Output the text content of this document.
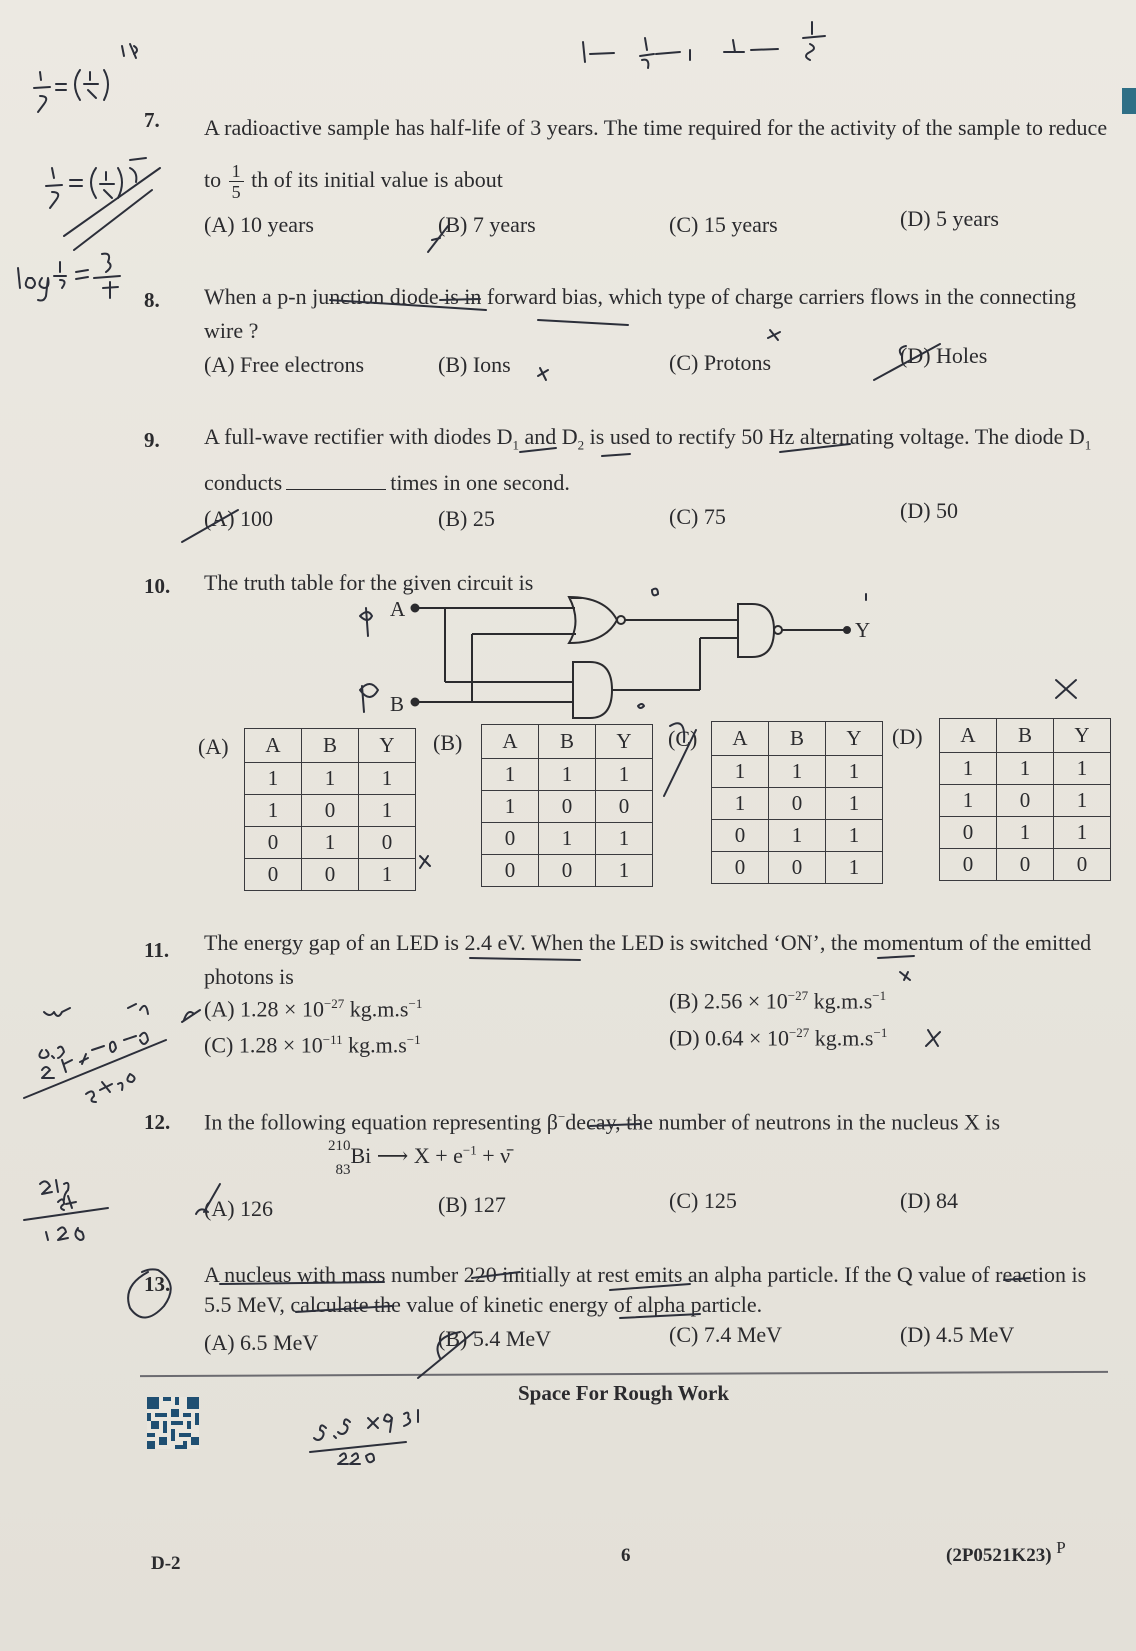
7. A radioactive sample has half-life of 3 years. The time required for the activity of the sample to reduce to $\frac{1}{5}$ th of its initial value is about
(A) 10 years	(B) 7 years	(C) 15 years	(D) 5 years
8. When a p-n junction diode is in forward bias, which type of charge carriers flows in the connecting wire ?
(A) Free electrons	(B) Ions	(C) Protons	(D) Holes
9. A full-wave rectifier with diodes $D_1$ and $D_2$ is used to rectify 50 Hz alternating voltage. The diode $D_1$ conducts	times in one second.
(A) 100	(B) 25	(C) 75	(D) 50
10. The truth table for the given circuit is
A
B
Y
(A) A	B	Y
1	1	1
1	0	1
0	1	0
0	0	1
(B) A	B	Y
1	1	1
1	0	0
0	1	1
0	0	1
(C) A	B	Y
1	1	1
1	0	1
0	1	1
0	0	1
(D) A	B	Y
1	1	1
1	0	1
0	1	1
0	0	0
11. The energy gap of an LED is 2.4 eV. When the LED is switched ‘ON’, the momentum of the emitted photons is
(A) $1.28 \times 10^{-27}$ $kg.m.s^{-1}$	(B) $2.56 \times 10^{-27}$ $kg.m.s^{-1}$
(C) $1.28 \times 10^{-11}$ $kg.m.s^{-1}$	(D) $0.64 \times 10^{-27}$ $kg.m.s^{-1}$
12. In the following equation representing β−decay, the number of neutrons in the nucleus X is
210
83
Bi ⟶ $X + e^{-1}$ + ν̄
(A) 126	(B) 127	(C) 125	(D) 84
13. A nucleus with mass number 220 initially at rest emits an alpha particle. If the Q value of reaction is 5.5 MeV, calculate the value of kinetic energy of alpha particle.
(A) 6.5 MeV	(B) 5.4 MeV	(C) 7.4 MeV	(D) 4.5 MeV
Space For Rough Work
D-2	6	(2P0521K23) P
